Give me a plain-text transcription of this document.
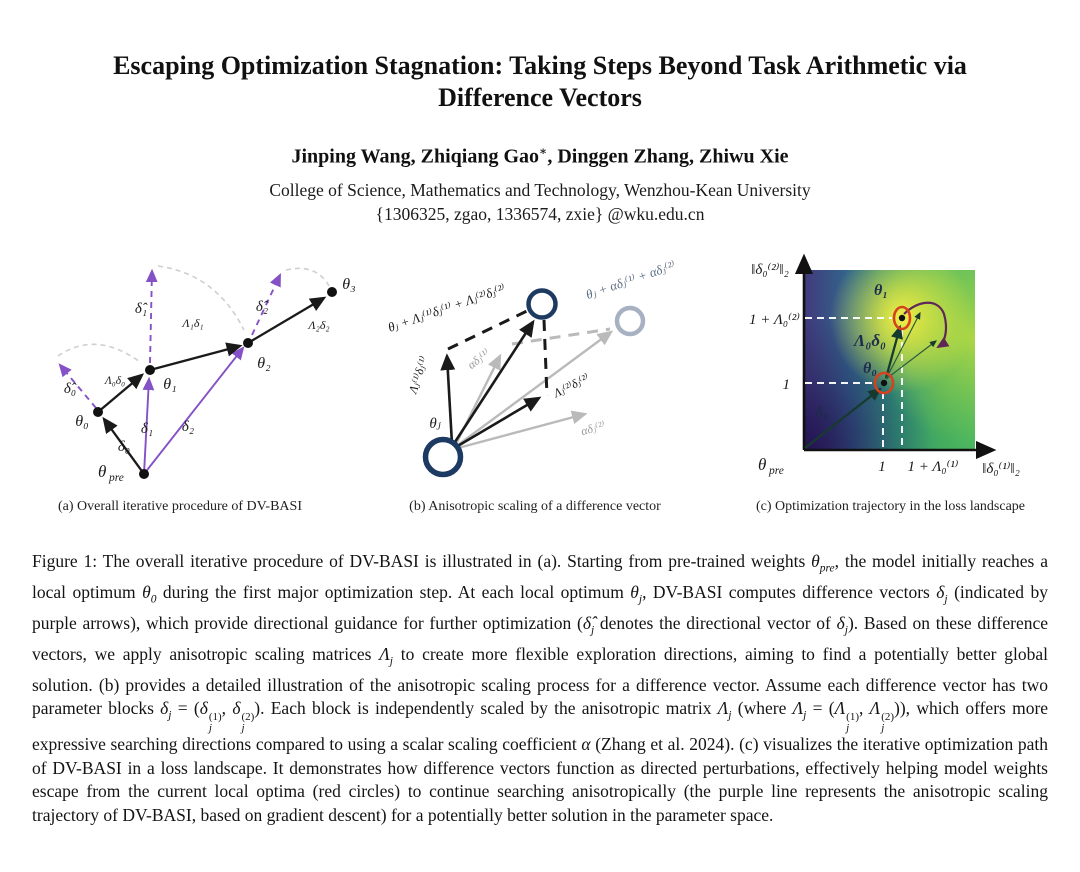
Escaping Optimization Stagnation: Taking Steps Beyond Task Arithmetic via
Difference Vectors
Jinping Wang, Zhiqiang Gao∗, Dinggen Zhang, Zhiwu Xie
College of Science, Mathematics and Technology, Wenzhou-Kean University
{1306325, zgao, 1336574, zxie} @wku.edu.cn
δ̂₀	Λ₀δ₀ θ₁
δ̂₁
Λ₁δ₁
δ̂₂
Λ₂δ₂
θ₂
θ₃
θ₀
δ₀
δ₁ δ₂
θ pre
θⱼ + Λⱼ⁽¹⁾δⱼ⁽¹⁾ + Λⱼ⁽²⁾δⱼ⁽²⁾
θⱼ + αδⱼ⁽¹⁾ + αδⱼ⁽²⁾
Λⱼ⁽¹⁾δⱼ⁽¹⁾	αδⱼ⁽¹⁾
Λⱼ⁽²⁾δⱼ⁽²⁾
αδⱼ⁽²⁾
θⱼ
‖δ₀⁽²⁾‖₂
1 + Λ₀⁽²⁾
1
1 1 + Λ₀⁽¹⁾ ‖δ₀⁽¹⁾‖₂
θ₁
Λ₀δ₀
θ₀
δ₀
θ pre
(a) Overall iterative procedure of DV-BASI	(b) Anisotropic scaling of a difference vector	(c) Optimization trajectory in the loss landscape

Figure 1: The overall iterative procedure of DV-BASI is illustrated in (a). Starting from pre-trained weights $\theta_{pre}$, the model initially reaches a local optimum $\theta_0$ during the first major optimization step. At each local optimum $\theta_j$, DV-BASI computes difference vectors $\delta_j$ (indicated by purple arrows), which provide directional guidance for further optimization ($\deltâ_j$ denotes the directional vector of $\delta_j$). Based on these difference vectors, we apply anisotropic scaling matrices $\Lambda_j$ to create more flexible exploration directions, aiming to find a potentially better global solution. (b) provides a detailed illustration of the anisotropic scaling process for a difference vector. Assume each difference vector has two parameter blocks $\delta_j = (\delta$ (1)
j
, δ (2)
j
). Each block is independently scaled by the anisotropic matrix $\Lambda_j$ (where $\Lambda_j = (\Lambda$ (1)
j
, Λ (2)
j
)), which offers more expressive searching directions compared to using a scalar scaling coefficient α (Zhang et al. 2024). (c) visualizes the iterative optimization path of DV-BASI in a loss landscape. It demonstrates how difference vectors function as directed perturbations, effectively helping model weights escape from the current local optima (red circles) to continue searching anisotropically (the purple line represents the anisotropic scaling trajectory of DV-BASI, based on gradient descent) for a potentially better solution in the parameter space.
